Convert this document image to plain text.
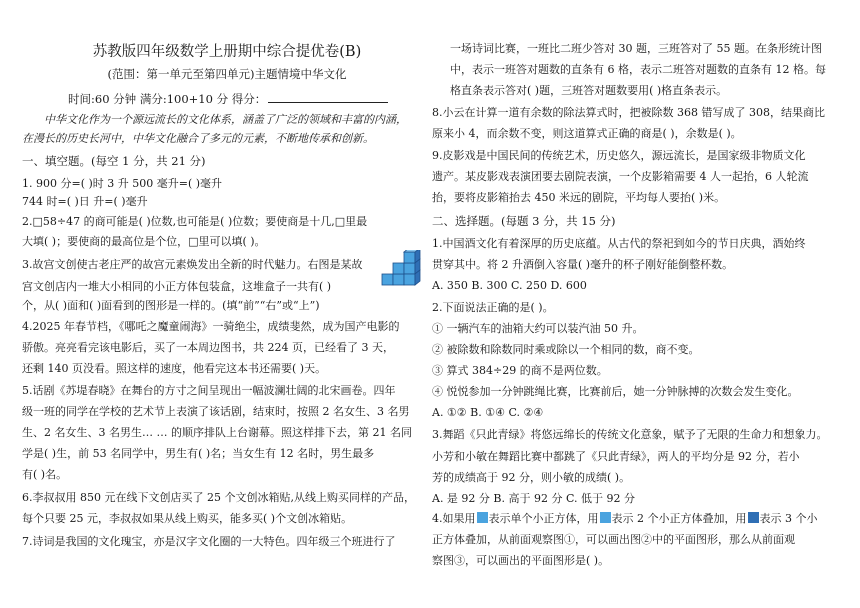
苏教版四年级数学上册期中综合提优卷(B)
(范围：第一单元至第四单元)主题情境中华文化
时间:60 分钟 满分:100+10 分 得分：
中华文化作为一个源远流长的文化体系，涵盖了广泛的领域和丰富的内涵，
在漫长的历史长河中，中华文化融合了多元的元素，不断地传承和创新。
一、填空题。(每空 1 分，共 21 分)
1. 900 分=( )时 3 升 500 毫升=( )毫升
744 时=( )日 升=( )毫升
2.□58÷47 的商可能是( )位数,也可能是( )位数；要使商是十几,□里最
大填( )；要使商的最高位是个位，□里可以填( )。
3.故宫文创使古老庄严的故宫元素焕发出全新的时代魅力。右图是某故
宫文创店内一堆大小相同的小正方体包装盒，这堆盒子一共有( )
个，从( )面和( )面看到的图形是一样的。(填“前”“右”或“上”)
4.2025 年春节档，《哪吒之魔童闹海》一骑绝尘，成绩斐然，成为国产电影的
骄傲。亮亮看完该电影后，买了一本周边图书，共 224 页，已经看了 3 天，
还剩 140 页没看。照这样的速度，他看完这本书还需要( )天。
5.话剧《苏堤春晓》在舞台的方寸之间呈现出一幅波澜壮阔的北宋画卷。四年
级一班的同学在学校的艺术节上表演了该话剧，结束时，按照 2 名女生、3 名男
生、2 名女生、3 名男生… … 的顺序排队上台谢幕。照这样排下去，第 21 名同
学是( )生，前 53 名同学中，男生有( )名；当女生有 12 名时，男生最多
有( )名。
6.李叔叔用 850 元在线下文创店买了 25 个文创冰箱贴,从线上购买同样的产品，
每个只要 25 元，李叔叔如果从线上购买，能多买( )个文创冰箱贴。
7.诗词是我国的文化瑰宝，亦是汉字文化圈的一大特色。四年级三个班进行了
一场诗词比赛，一班比二班少答对 30 题，三班答对了 55 题。在条形统计图
中，表示一班答对题数的直条有 6 格，表示二班答对题数的直条有 12 格。每
格直条表示答对( )题，三班答对题数要用( )格直条表示。
8.小云在计算一道有余数的除法算式时，把被除数 368 错写成了 308，结果商比
原来小 4，而余数不变，则这道算式正确的商是( )，余数是( )。
9.皮影戏是中国民间的传统艺术，历史悠久，源远流长，是国家级非物质文化
遗产。某皮影戏表演团要去剧院表演，一个皮影箱需要 4 人一起抬，6 人轮流
抬，要将皮影箱抬去 450 米远的剧院，平均每人要抬( )米。
二、选择题。(每题 3 分，共 15 分)
1.中国酒文化有着深厚的历史底蕴。从古代的祭祀到如今的节日庆典，酒始终
贯穿其中。将 2 升酒倒入容量( )毫升的杯子刚好能倒整杯数。
A. 350 B. 300 C. 250 D. 600
2.下面说法正确的是( )。
① 一辆汽车的油箱大约可以装汽油 50 升。
② 被除数和除数同时乘或除以一个相同的数，商不变。
③ 算式 384÷29 的商不是两位数。
④ 悦悦参加一分钟跳绳比赛，比赛前后，她一分钟脉搏的次数会发生变化。
A. ①② B. ①④ C. ②④
3.舞蹈《只此青绿》将悠远绵长的传统文化意象，赋予了无限的生命力和想象力。
小芳和小敏在舞蹈比赛中都跳了《只此青绿》，两人的平均分是 92 分，若小
芳的成绩高于 92 分，则小敏的成绩( )。
A. 是 92 分 B. 高于 92 分 C. 低于 92 分
4.如果用 表示单个小正方体，用 表示 2 个小正方体叠加，用 表示 3 个小
正方体叠加，从前面观察图①，可以画出图②中的平面图形，那么从前面观
察图③，可以画出的平面图形是( )。
